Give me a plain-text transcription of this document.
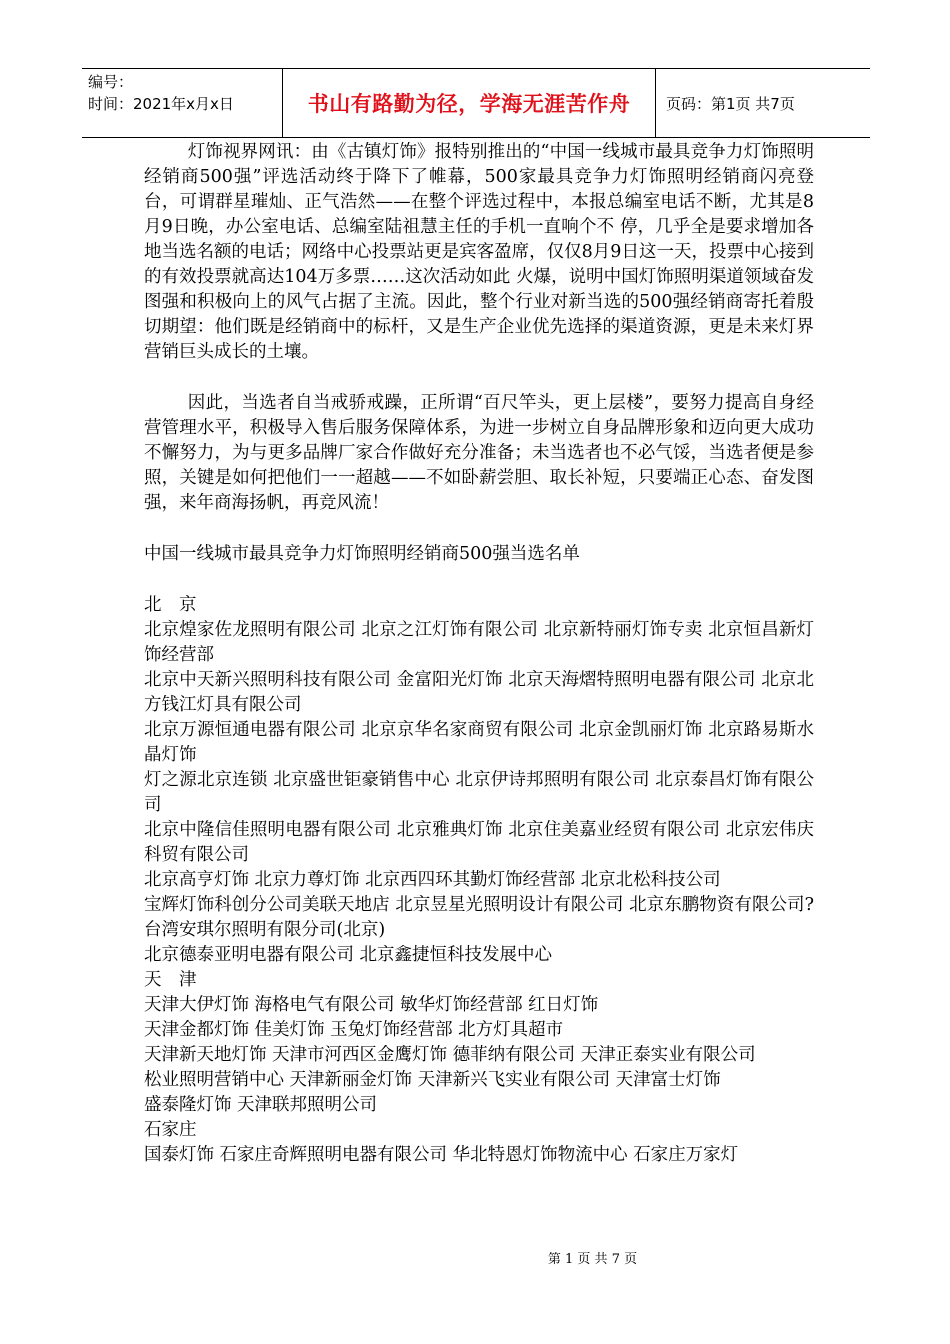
编号：
时间：2021年x月x日	书山有路勤为径，学海无涯苦作舟	页码：第1页 共7页

灯饰视界网讯：由《古镇灯饰》报特别推出的“中国一线城市最具竞争力灯饰照明经销商500强”评选活动终于降下了帷幕，500家最具竞争力灯饰照明经销商闪亮登台，可谓群星璀灿、正气浩然——在整个评选过程中，本报总编室电话不断，尤其是8月9日晚，办公室电话、总编室陆祖慧主任的手机一直响个不 停，几乎全是要求增加各地当选名额的电话；网络中心投票站更是宾客盈席，仅仅8月9日这一天，投票中心接到的有效投票就高达104万多票……这次活动如此 火爆，说明中国灯饰照明渠道领域奋发图强和积极向上的风气占据了主流。因此，整个行业对新当选的500强经销商寄托着殷切期望：他们既是经销商中的标杆，又是生产企业优先选择的渠道资源，更是未来灯界营销巨头成长的土壤。

因此，当选者自当戒骄戒躁，正所谓“百尺竿头，更上层楼”，要努力提高自身经营管理水平，积极导入售后服务保障体系，为进一步树立自身品牌形象和迈向更大成功不懈努力，为与更多品牌厂家合作做好充分准备；未当选者也不必气馁，当选者便是参照，关键是如何把他们一一超越——不如卧薪尝胆、取长补短，只要端正心态、奋发图强，来年商海扬帆，再竞风流！

中国一线城市最具竞争力灯饰照明经销商500强当选名单
北　京
北京煌家佐龙照明有限公司 北京之江灯饰有限公司 北京新特丽灯饰专卖 北京恒昌新灯饰经营部
北京中天新兴照明科技有限公司 金富阳光灯饰 北京天海熠特照明电器有限公司 北京北方钱江灯具有限公司
北京万源恒通电器有限公司 北京京华名家商贸有限公司 北京金凯丽灯饰 北京路易斯水晶灯饰
灯之源北京连锁 北京盛世钜豪销售中心 北京伊诗邦照明有限公司 北京泰昌灯饰有限公司
北京中隆信佳照明电器有限公司 北京雅典灯饰 北京住美嘉业经贸有限公司 北京宏伟庆科贸有限公司
北京高亨灯饰 北京力尊灯饰 北京西四环其勤灯饰经营部 北京北松科技公司
宝辉灯饰科创分公司美联天地店 北京昱星光照明设计有限公司 北京东鹏物资有限公司? 台湾安琪尔照明有限分司(北京)
北京德泰亚明电器有限公司 北京鑫捷恒科技发展中心
天　津
天津大伊灯饰 海格电气有限公司 敏华灯饰经营部 红日灯饰
天津金都灯饰 佳美灯饰 玉兔灯饰经营部 北方灯具超市
天津新天地灯饰 天津市河西区金鹰灯饰 德菲纳有限公司 天津正泰实业有限公司
松业照明营销中心 天津新丽金灯饰 天津新兴飞实业有限公司 天津富士灯饰
盛泰隆灯饰 天津联邦照明公司
石家庄
国泰灯饰 石家庄奇辉照明电器有限公司 华北特恩灯饰物流中心 石家庄万家灯
第 1 页 共 7 页
